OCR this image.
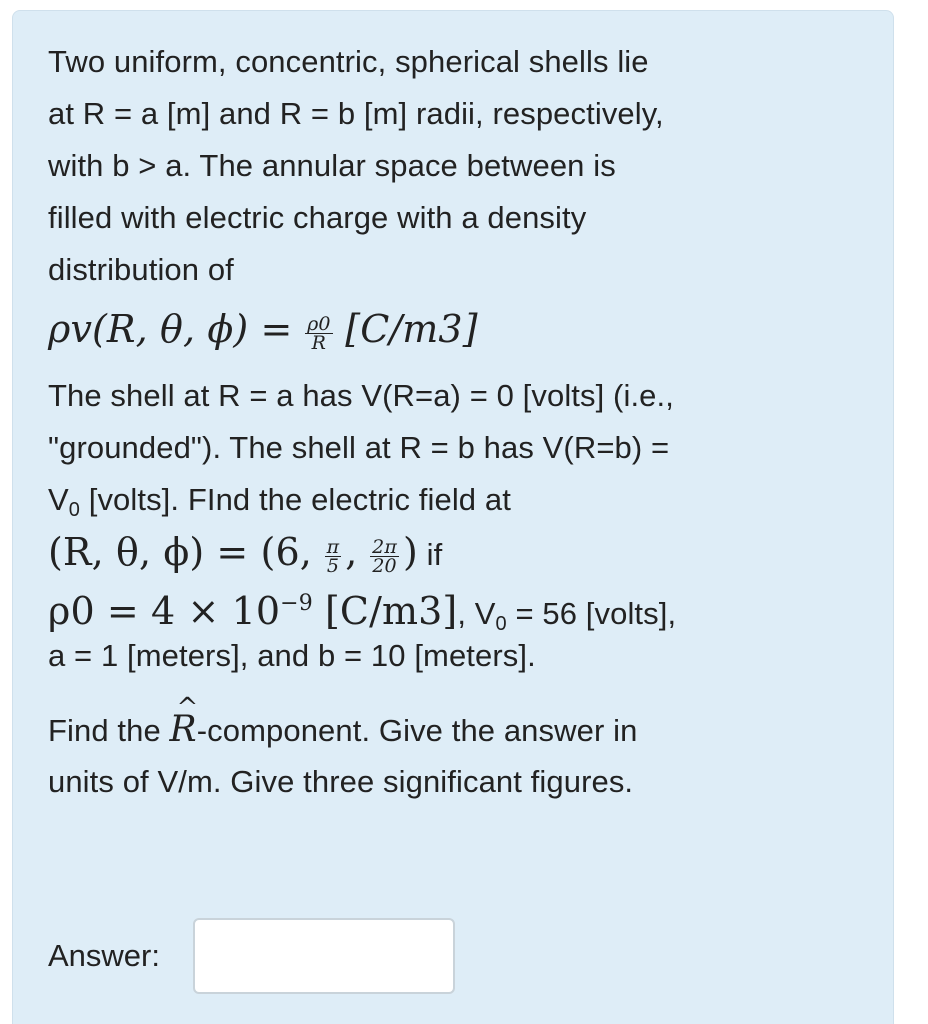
Two uniform, concentric, spherical shells lie
at R = a [m] and R = b [m] radii, respectively,
with b > a. The annular space between is
filled with electric charge with a density
distribution of
ρv(R, θ, $\phi) = \frac{\rho 0}{R} [C/m3]$
The shell at R = a has V(R=a) = 0 [volts] (i.e.,
"grounded"). The shell at R = b has V(R=b) =
$V_0$ [volts]. FInd the electric field at
(R, θ, ϕ) = (6, $\frac{\pi}{5}$ , $\frac{2\pi}{20}$ ) if
$\rho 0 = 4 \times 10^{-9}$ [C/m3], $V_0 = 56$ [volts],
a = 1 [meters], and b = 10 [meters].
Find the ^ R-component. Give the answer in
units of V/m. Give three significant figures.
Answer:
